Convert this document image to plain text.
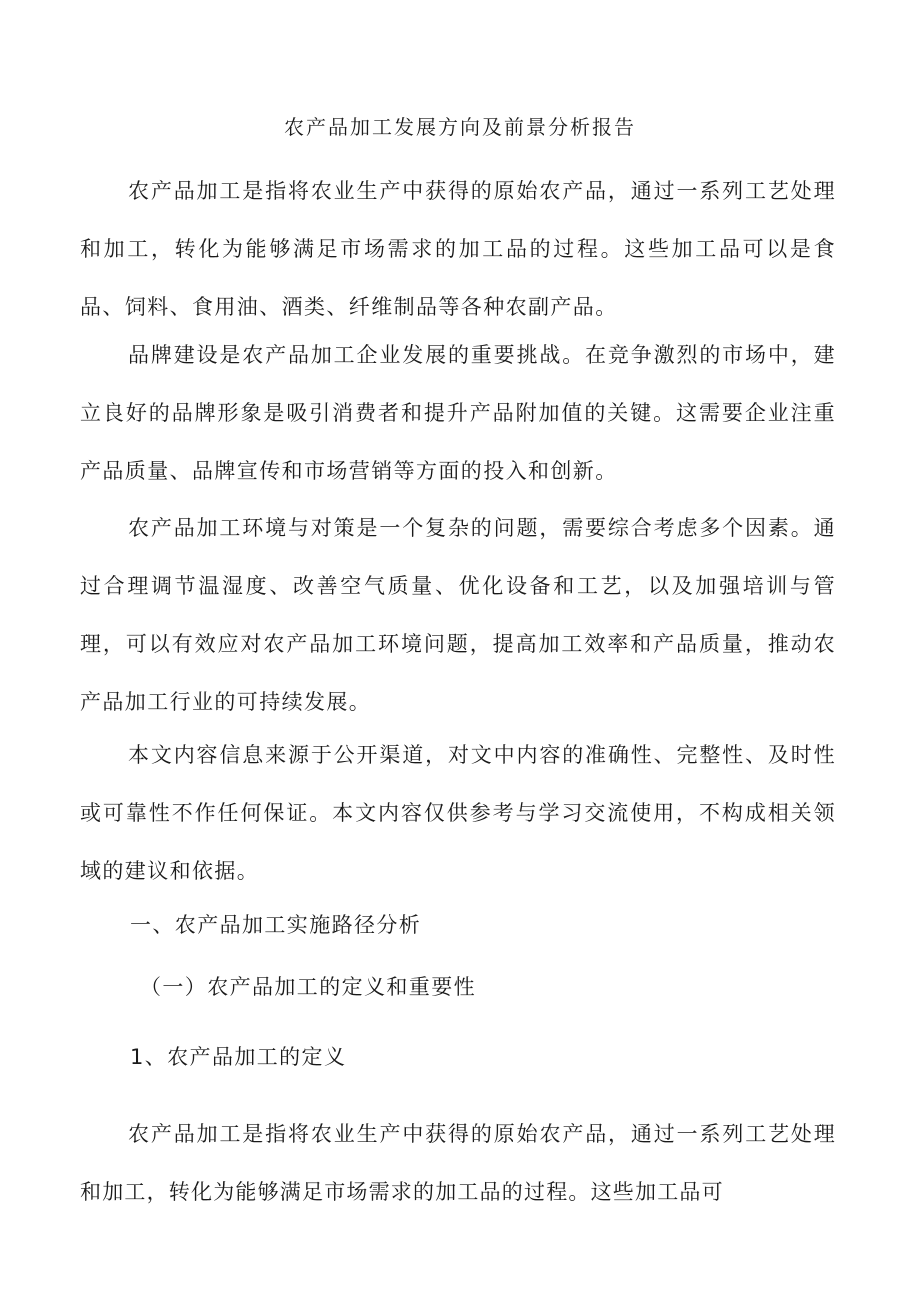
农产品加工发展方向及前景分析报告

农产品加工是指将农业生产中获得的原始农产品，通过一系列工艺处理和加工，转化为能够满足市场需求的加工品的过程。这些加工品可以是食品、饲料、食用油、酒类、纤维制品等各种农副产品。

品牌建设是农产品加工企业发展的重要挑战。在竞争激烈的市场中，建立良好的品牌形象是吸引消费者和提升产品附加值的关键。这需要企业注重产品质量、品牌宣传和市场营销等方面的投入和创新。

农产品加工环境与对策是一个复杂的问题，需要综合考虑多个因素。通过合理调节温湿度、改善空气质量、优化设备和工艺，以及加强培训与管理，可以有效应对农产品加工环境问题，提高加工效率和产品质量，推动农产品加工行业的可持续发展。

本文内容信息来源于公开渠道，对文中内容的准确性、完整性、及时性或可靠性不作任何保证。本文内容仅供参考与学习交流使用，不构成相关领域的建议和依据。

一、农产品加工实施路径分析

（一）农产品加工的定义和重要性

1、农产品加工的定义

农产品加工是指将农业生产中获得的原始农产品，通过一系列工艺处理和加工，转化为能够满足市场需求的加工品的过程。这些加工品可
